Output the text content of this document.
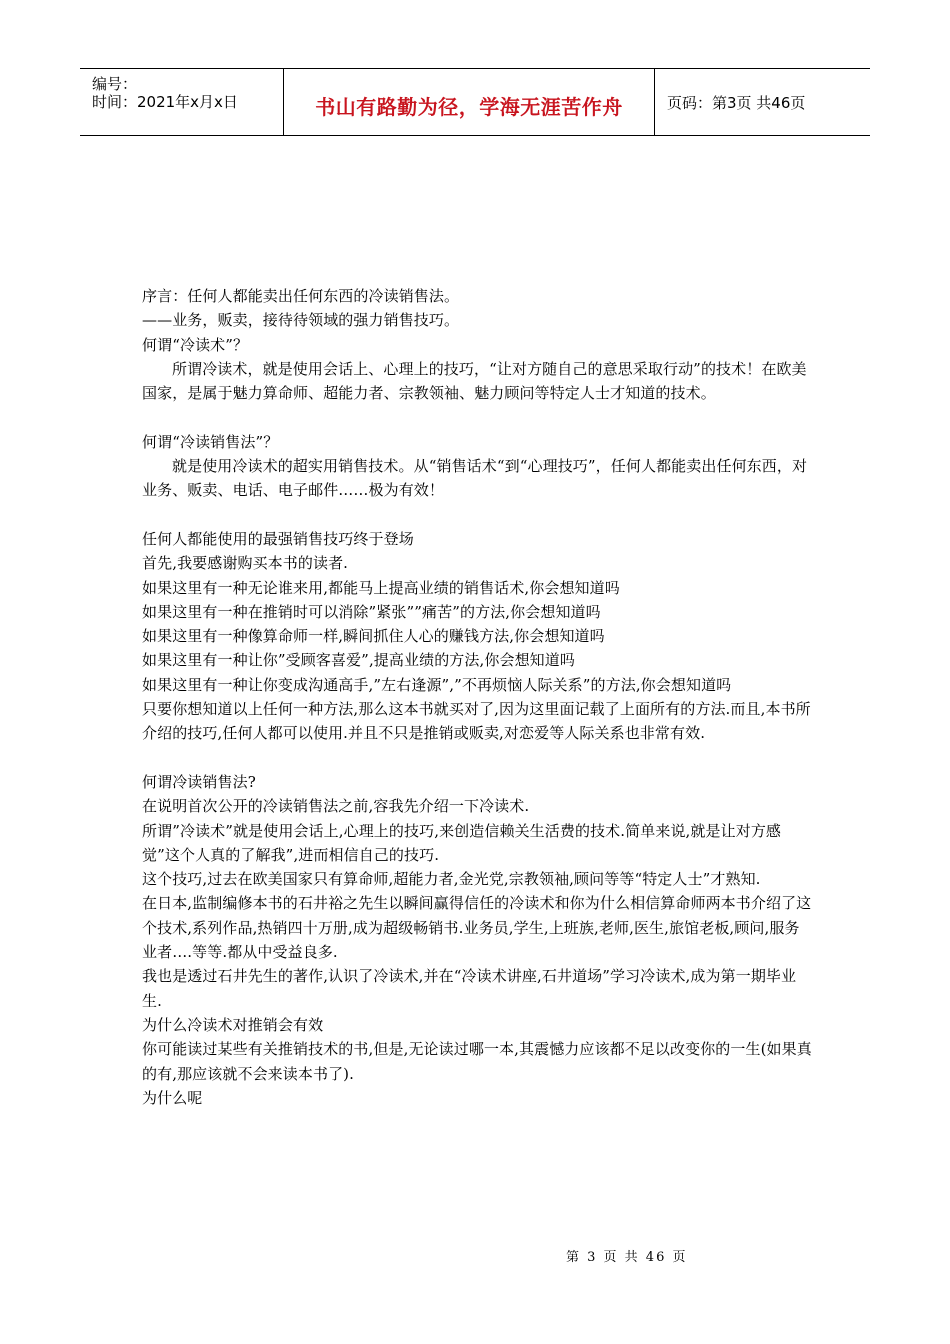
编号：
时间：2021年x月x日	书山有路勤为径，学海无涯苦作舟	页码：第3页 共46页

序言：任何人都能卖出任何东西的冷读销售法。

——业务，贩卖，接待待领域的强力销售技巧。

何谓“冷读术”？

所谓冷读术，就是使用会话上、心理上的技巧，“让对方随自己的意思采取行动”的技术！在欧美国家，是属于魅力算命师、超能力者、宗教领袖、魅力顾问等特定人士才知道的技术。

何谓“冷读销售法”？

就是使用冷读术的超实用销售技术。从“销售话术“到“心理技巧”，任何人都能卖出任何东西，对业务、贩卖、电话、电子邮件……极为有效！

任何人都能使用的最强销售技巧终于登场

首先,我要感谢购买本书的读者.

如果这里有一种无论谁来用,都能马上提高业绩的销售话术,你会想知道吗

如果这里有一种在推销时可以消除”紧张””痛苦”的方法,你会想知道吗

如果这里有一种像算命师一样,瞬间抓住人心的赚钱方法,你会想知道吗

如果这里有一种让你”受顾客喜爱”,提高业绩的方法,你会想知道吗

如果这里有一种让你变成沟通高手,”左右逢源”,”不再烦恼人际关系”的方法,你会想知道吗

只要你想知道以上任何一种方法,那么这本书就买对了,因为这里面记载了上面所有的方法.而且,本书所介绍的技巧,任何人都可以使用.并且不只是推销或贩卖,对恋爱等人际关系也非常有效.

何谓冷读销售法?

在说明首次公开的冷读销售法之前,容我先介绍一下冷读术.

所谓”冷读术”就是使用会话上,心理上的技巧,来创造信赖关生活费的技术.简单来说,就是让对方感觉”这个人真的了解我”,进而相信自己的技巧.

这个技巧,过去在欧美国家只有算命师,超能力者,金光党,宗教领袖,顾问等等“特定人士”才熟知.

在日本,监制编修本书的石井裕之先生以瞬间赢得信任的冷读术和你为什么相信算命师两本书介绍了这个技术,系列作品,热销四十万册,成为超级畅销书.业务员,学生,上班族,老师,医生,旅馆老板,顾问,服务业者….等等.都从中受益良多.

我也是透过石井先生的著作,认识了冷读术,并在“冷读术讲座,石井道场”学习冷读术,成为第一期毕业生.

为什么冷读术对推销会有效

你可能读过某些有关推销技术的书,但是,无论读过哪一本,其震憾力应该都不足以改变你的一生(如果真的有,那应该就不会来读本书了).

为什么呢

第 3 页 共 46 页
